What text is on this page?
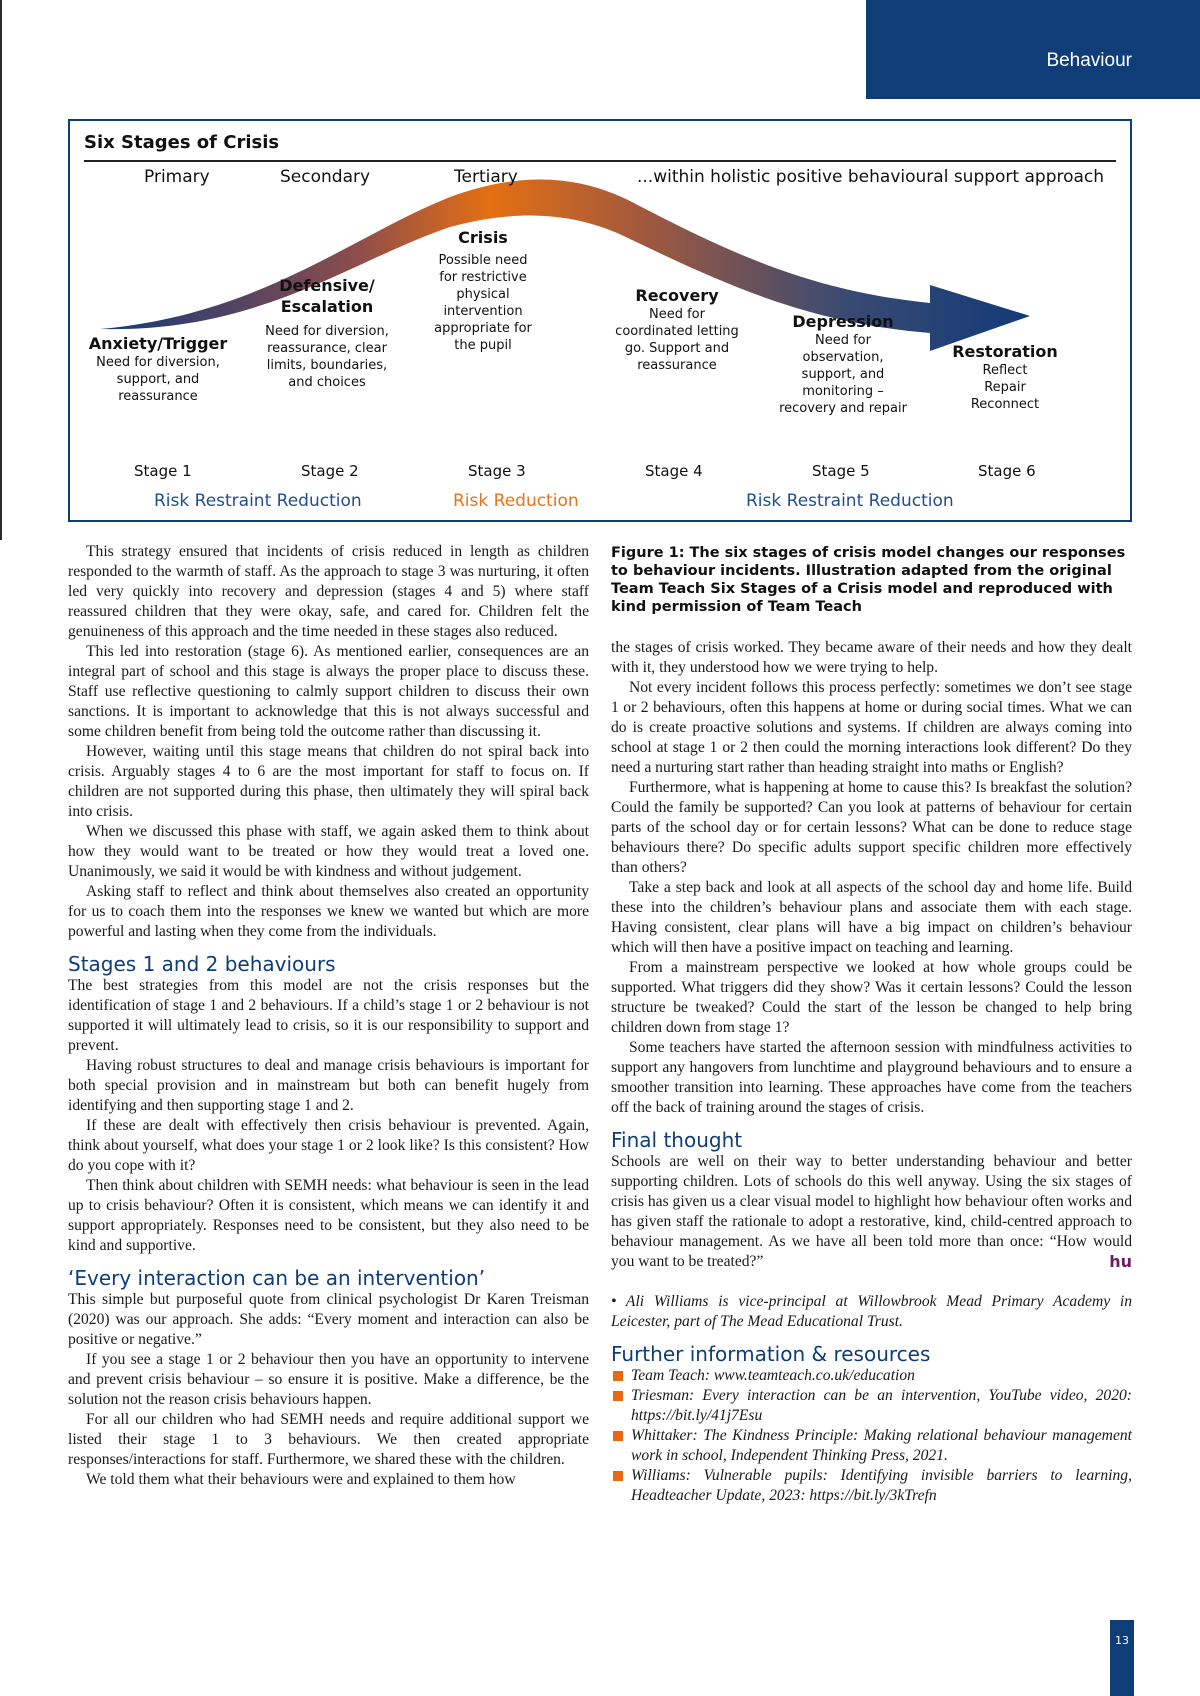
Behaviour
Six Stages of Crisis
Primary	Secondary	Tertiary	...within holistic positive behavioural support approach
Anxiety/Trigger
Need for diversion,
support, and
reassurance
Defensive/ Escalation
Need for diversion,
reassurance, clear
limits, boundaries,
and choices
Crisis
Possible need
for restrictive
physical
intervention
appropriate for
the pupil
Recovery
Need for
coordinated letting
go. Support and
reassurance
Depression
Need for
observation,
support, and
monitoring –
recovery and repair
Restoration
Reflect
Repair
Reconnect
Stage 1	Stage 2	Stage 3	Stage 4	Stage 5	Stage 6
Risk Restraint Reduction	Risk Reduction	Risk Restraint Reduction

This strategy ensured that incidents of crisis reduced in length as children responded to the warmth of staff. As the approach to stage 3 was nurturing, it often led very quickly into recovery and depression (stages 4 and 5) where staff reassured children that they were okay, safe, and cared for. Children felt the genuineness of this approach and the time needed in these stages also reduced.

This led into restoration (stage 6). As mentioned earlier, consequences are an integral part of school and this stage is always the proper place to discuss these. Staff use reflective questioning to calmly support children to discuss their own sanctions. It is important to acknowledge that this is not always successful and some children benefit from being told the outcome rather than discussing it.

However, waiting until this stage means that children do not spiral back into crisis. Arguably stages 4 to 6 are the most important for staff to focus on. If children are not supported during this phase, then ultimately they will spiral back into crisis.

When we discussed this phase with staff, we again asked them to think about how they would want to be treated or how they would treat a loved one. Unanimously, we said it would be with kindness and without judgement.

Asking staff to reflect and think about themselves also created an opportunity for us to coach them into the responses we knew we wanted but which are more powerful and lasting when they come from the individuals.

Stages 1 and 2 behaviours

The best strategies from this model are not the crisis responses but the identification of stage 1 and 2 behaviours. If a child’s stage 1 or 2 behaviour is not supported it will ultimately lead to crisis, so it is our responsibility to support and prevent.

Having robust structures to deal and manage crisis behaviours is important for both special provision and in mainstream but both can benefit hugely from identifying and then supporting stage 1 and 2.

If these are dealt with effectively then crisis behaviour is prevented. Again, think about yourself, what does your stage 1 or 2 look like? Is this consistent? How do you cope with it?

Then think about children with SEMH needs: what behaviour is seen in the lead up to crisis behaviour? Often it is consistent, which means we can identify it and support appropriately. Responses need to be consistent, but they also need to be kind and supportive.

‘Every interaction can be an intervention’

This simple but purposeful quote from clinical psychologist Dr Karen Treisman (2020) was our approach. She adds: “Every moment and interaction can also be positive or negative.”

If you see a stage 1 or 2 behaviour then you have an opportunity to intervene and prevent crisis behaviour – so ensure it is positive. Make a difference, be the solution not the reason crisis behaviours happen.

For all our children who had SEMH needs and require additional support we listed their stage 1 to 3 behaviours. We then created appropriate responses/interactions for staff. Furthermore, we shared these with the children.

We told them what their behaviours were and explained to them how

Figure 1: The six stages of crisis model changes our responses to behaviour incidents. Illustration adapted from the original Team Teach Six Stages of a Crisis model and reproduced with kind permission of Team Teach

the stages of crisis worked. They became aware of their needs and how they dealt with it, they understood how we were trying to help.

Not every incident follows this process perfectly: sometimes we don’t see stage 1 or 2 behaviours, often this happens at home or during social times. What we can do is create proactive solutions and systems. If children are always coming into school at stage 1 or 2 then could the morning interactions look different? Do they need a nurturing start rather than heading straight into maths or English?

Furthermore, what is happening at home to cause this? Is breakfast the solution? Could the family be supported? Can you look at patterns of behaviour for certain parts of the school day or for certain lessons? What can be done to reduce stage behaviours there? Do specific adults support specific children more effectively than others?

Take a step back and look at all aspects of the school day and home life. Build these into the children’s behaviour plans and associate them with each stage. Having consistent, clear plans will have a big impact on children’s behaviour which will then have a positive impact on teaching and learning.

From a mainstream perspective we looked at how whole groups could be supported. What triggers did they show? Was it certain lessons? Could the lesson structure be tweaked? Could the start of the lesson be changed to help bring children down from stage 1?

Some teachers have started the afternoon session with mindfulness activities to support any hangovers from lunchtime and playground behaviours and to ensure a smoother transition into learning. These approaches have come from the teachers off the back of training around the stages of crisis.

Final thought

Schools are well on their way to better understanding behaviour and better supporting children. Lots of schools do this well anyway. Using the six stages of crisis has given us a clear visual model to highlight how behaviour often works and has given staff the rationale to adopt a restorative, kind, child-centred approach to behaviour management. As we have all been told more than once: “How would you want to be treated?”	hu

• Ali Williams is vice-principal at Willowbrook Mead Primary Academy in Leicester, part of The Mead Educational Trust.

Further information & resources
Team Teach: www.teamteach.co.uk/education
Triesman: Every interaction can be an intervention, YouTube video, 2020: https://bit.ly/41j7Esu
Whittaker: The Kindness Principle: Making relational behaviour management work in school, Independent Thinking Press, 2021.
Williams: Vulnerable pupils: Identifying invisible barriers to learning, Headteacher Update, 2023: https://bit.ly/3kTrefn
13
